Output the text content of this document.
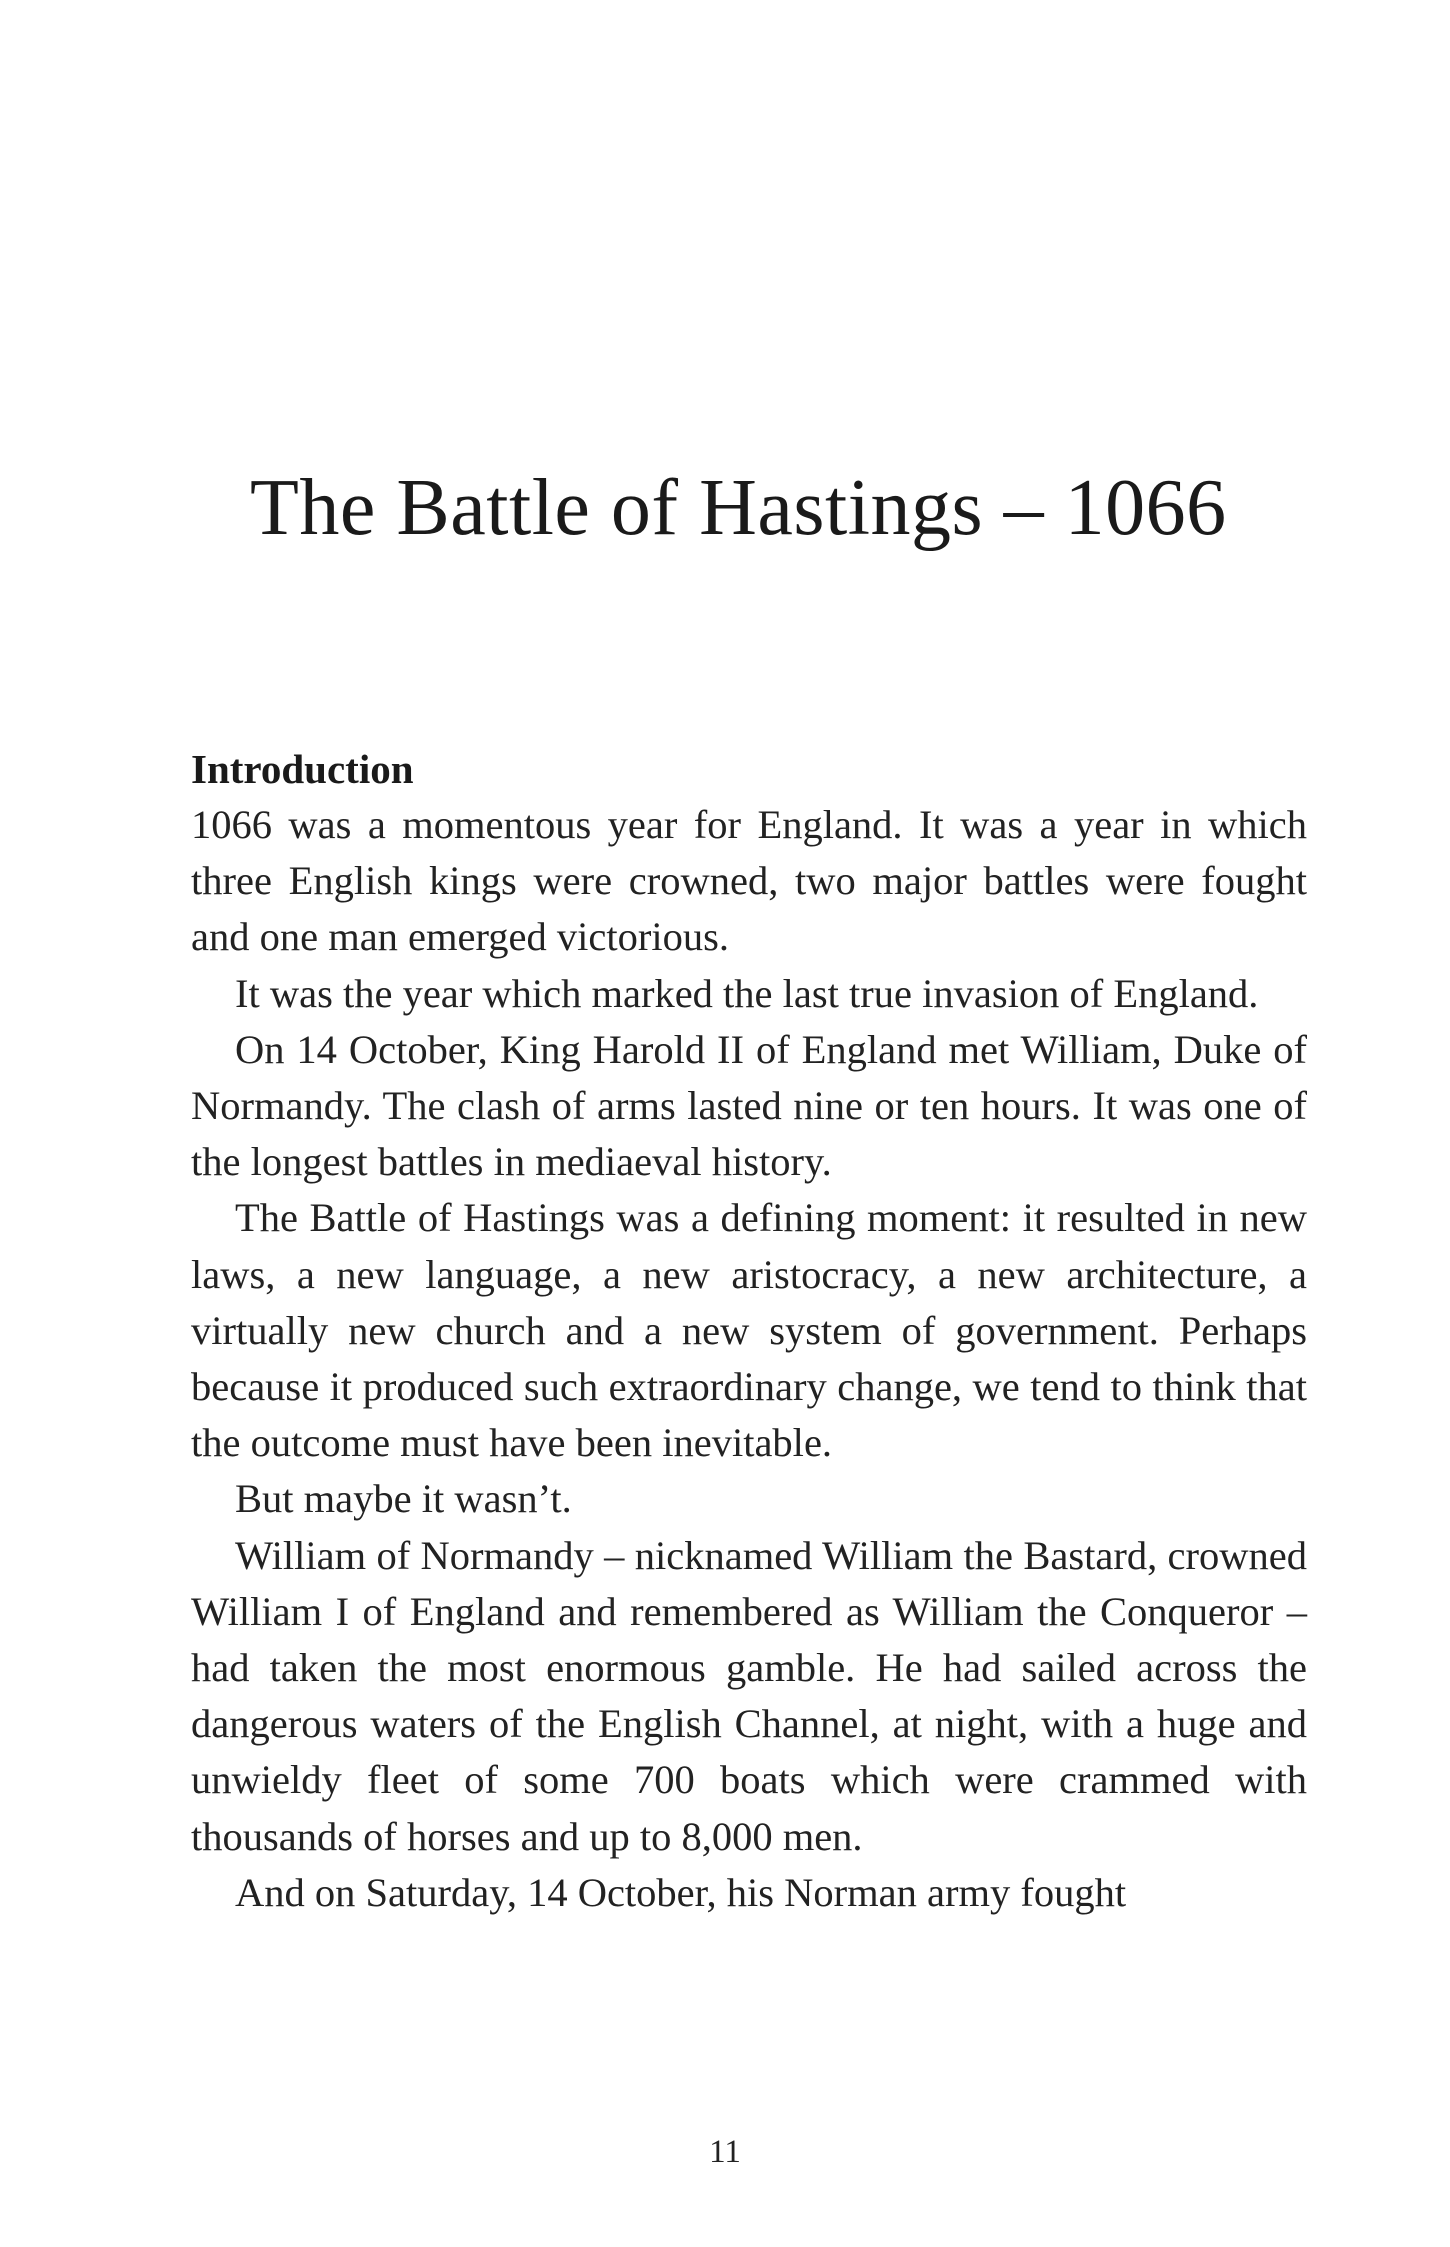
The Battle of Hastings – 1066
Introduction

1066 was a momentous year for England. It was a year in which three English kings were crowned, two major battles were fought and one man emerged victorious.

It was the year which marked the last true invasion of England.

On 14 October, King Harold II of England met William, Duke of Normandy. The clash of arms lasted nine or ten hours. It was one of the longest battles in mediaeval history.

The Battle of Hastings was a defining moment: it resulted in new laws, a new language, a new aristocracy, a new architecture, a virtually new church and a new system of government. Perhaps because it produced such extraordinary change, we tend to think that the outcome must have been inevitable.

But maybe it wasn’t.

William of Normandy – nicknamed William the Bastard, crowned William I of England and remembered as William the Conqueror – had taken the most enormous gamble. He had sailed across the dangerous waters of the English Channel, at night, with a huge and unwieldy fleet of some 700 boats which were crammed with thousands of horses and up to 8,000 men.

And on Saturday, 14 October, his Norman army fought

11
